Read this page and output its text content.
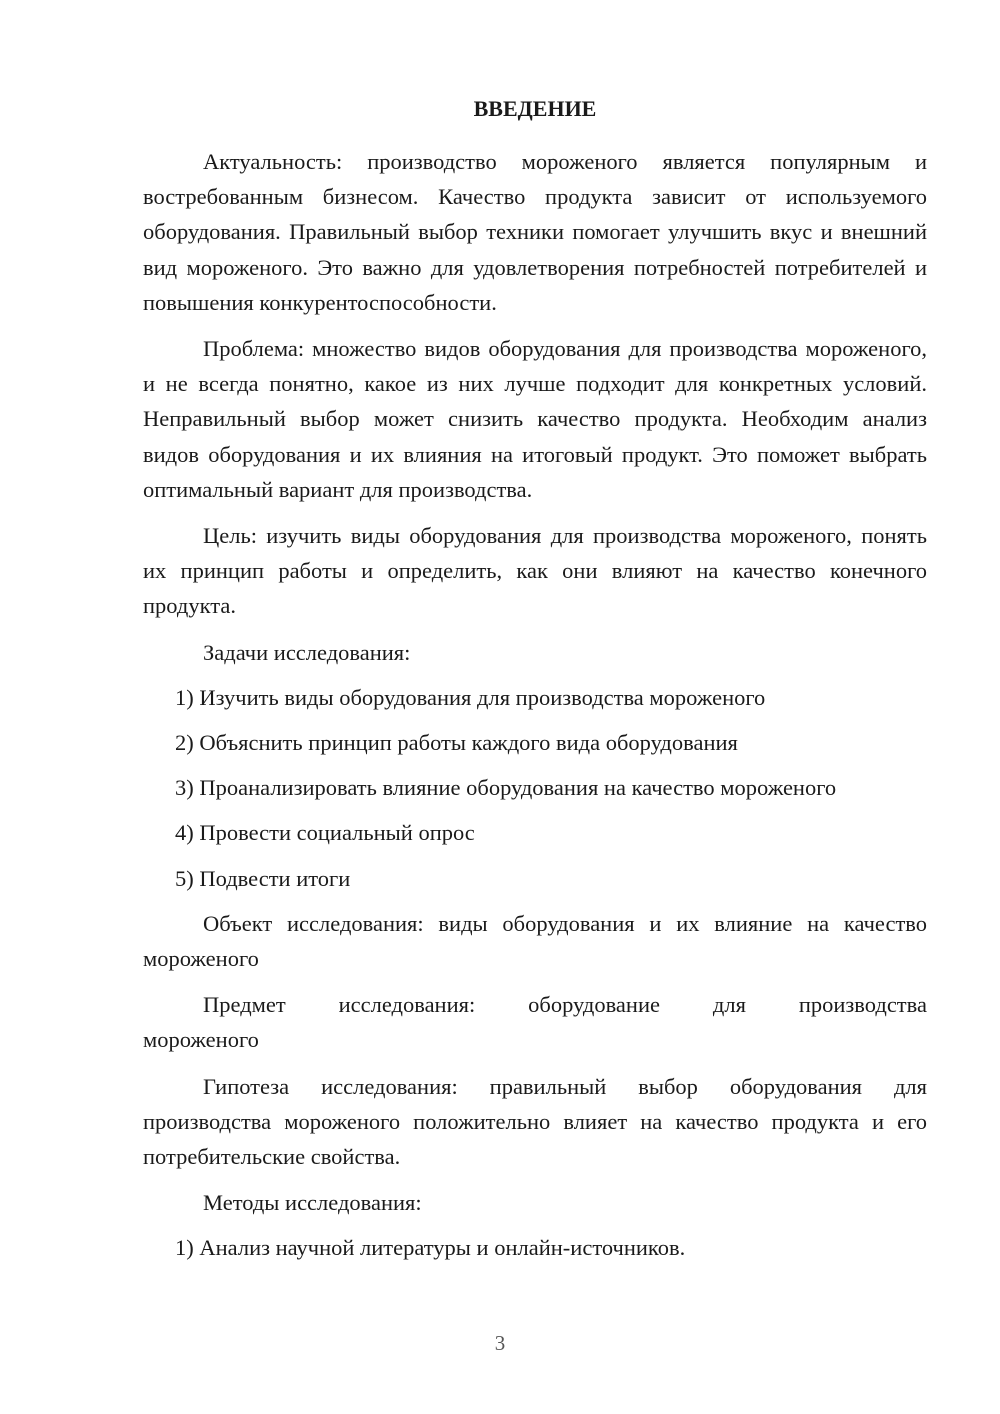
ВВЕДЕНИЕ

Актуальность: производство мороженого является популярным и востребованным бизнесом. Качество продукта зависит от используемого оборудования. Правильный выбор техники помогает улучшить вкус и внешний вид мороженого. Это важно для удовлетворения потребностей потребителей и повышения конкурентоспособности.

Проблема: множество видов оборудования для производства мороженого, и не всегда понятно, какое из них лучше подходит для конкретных условий. Неправильный выбор может снизить качество продукта. Необходим анализ видов оборудования и их влияния на итоговый продукт. Это поможет выбрать оптимальный вариант для производства.

Цель: изучить виды оборудования для производства мороженого, понять их принцип работы и определить, как они влияют на качество конечного продукта.

Задачи исследования:

1) Изучить виды оборудования для производства мороженого
2) Объяснить принцип работы каждого вида оборудования
3) Проанализировать влияние оборудования на качество мороженого
4) Провести социальный опрос
5) Подвести итоги

Объект исследования: виды оборудования и их влияние на качество мороженого

Предмет исследования: оборудование для производства
мороженого

Гипотеза исследования: правильный выбор оборудования для производства мороженого положительно влияет на качество продукта и его потребительские свойства.

Методы исследования:

1) Анализ научной литературы и онлайн-источников.
3
